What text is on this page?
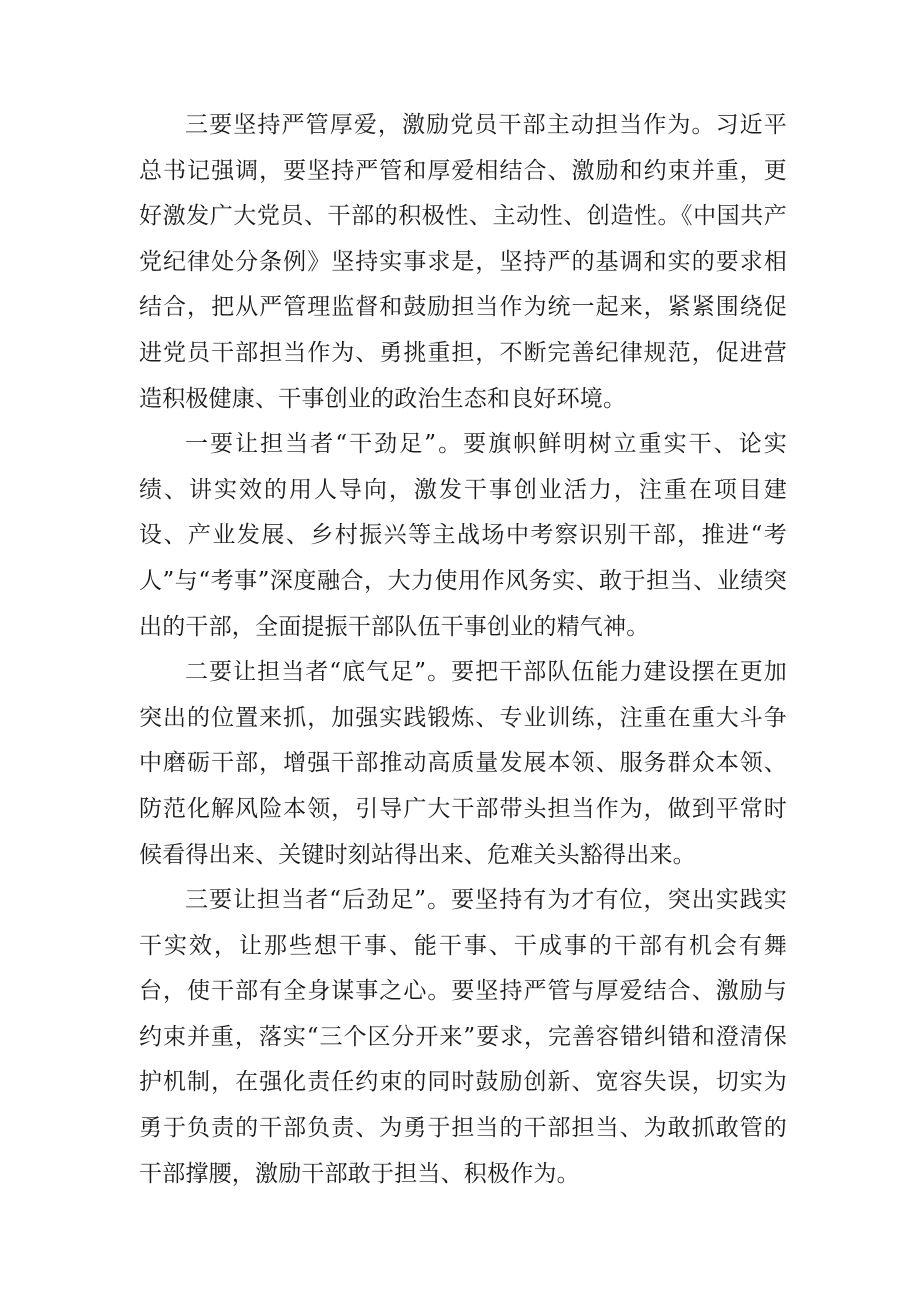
三要坚持严管厚爱，激励党员干部主动担当作为。习近平总书记强调，要坚持严管和厚爱相结合、激励和约束并重，更好激发广大党员、干部的积极性、主动性、创造性。《中国共产党纪律处分条例》坚持实事求是，坚持严的基调和实的要求相结合，把从严管理监督和鼓励担当作为统一起来，紧紧围绕促进党员干部担当作为、勇挑重担，不断完善纪律规范，促进营造积极健康、干事创业的政治生态和良好环境。

一要让担当者“干劲足”。要旗帜鲜明树立重实干、论实绩、讲实效的用人导向，激发干事创业活力，注重在项目建设、产业发展、乡村振兴等主战场中考察识别干部，推进“考人”与“考事”深度融合，大力使用作风务实、敢于担当、业绩突出的干部，全面提振干部队伍干事创业的精气神。

二要让担当者“底气足”。要把干部队伍能力建设摆在更加突出的位置来抓，加强实践锻炼、专业训练，注重在重大斗争中磨砺干部，增强干部推动高质量发展本领、服务群众本领、防范化解风险本领，引导广大干部带头担当作为，做到平常时候看得出来、关键时刻站得出来、危难关头豁得出来。

三要让担当者“后劲足”。要坚持有为才有位，突出实践实干实效，让那些想干事、能干事、干成事的干部有机会有舞台，使干部有全身谋事之心。要坚持严管与厚爱结合、激励与约束并重，落实“三个区分开来”要求，完善容错纠错和澄清保护机制，在强化责任约束的同时鼓励创新、宽容失误，切实为勇于负责的干部负责、为勇于担当的干部担当、为敢抓敢管的干部撑腰，激励干部敢于担当、积极作为。
